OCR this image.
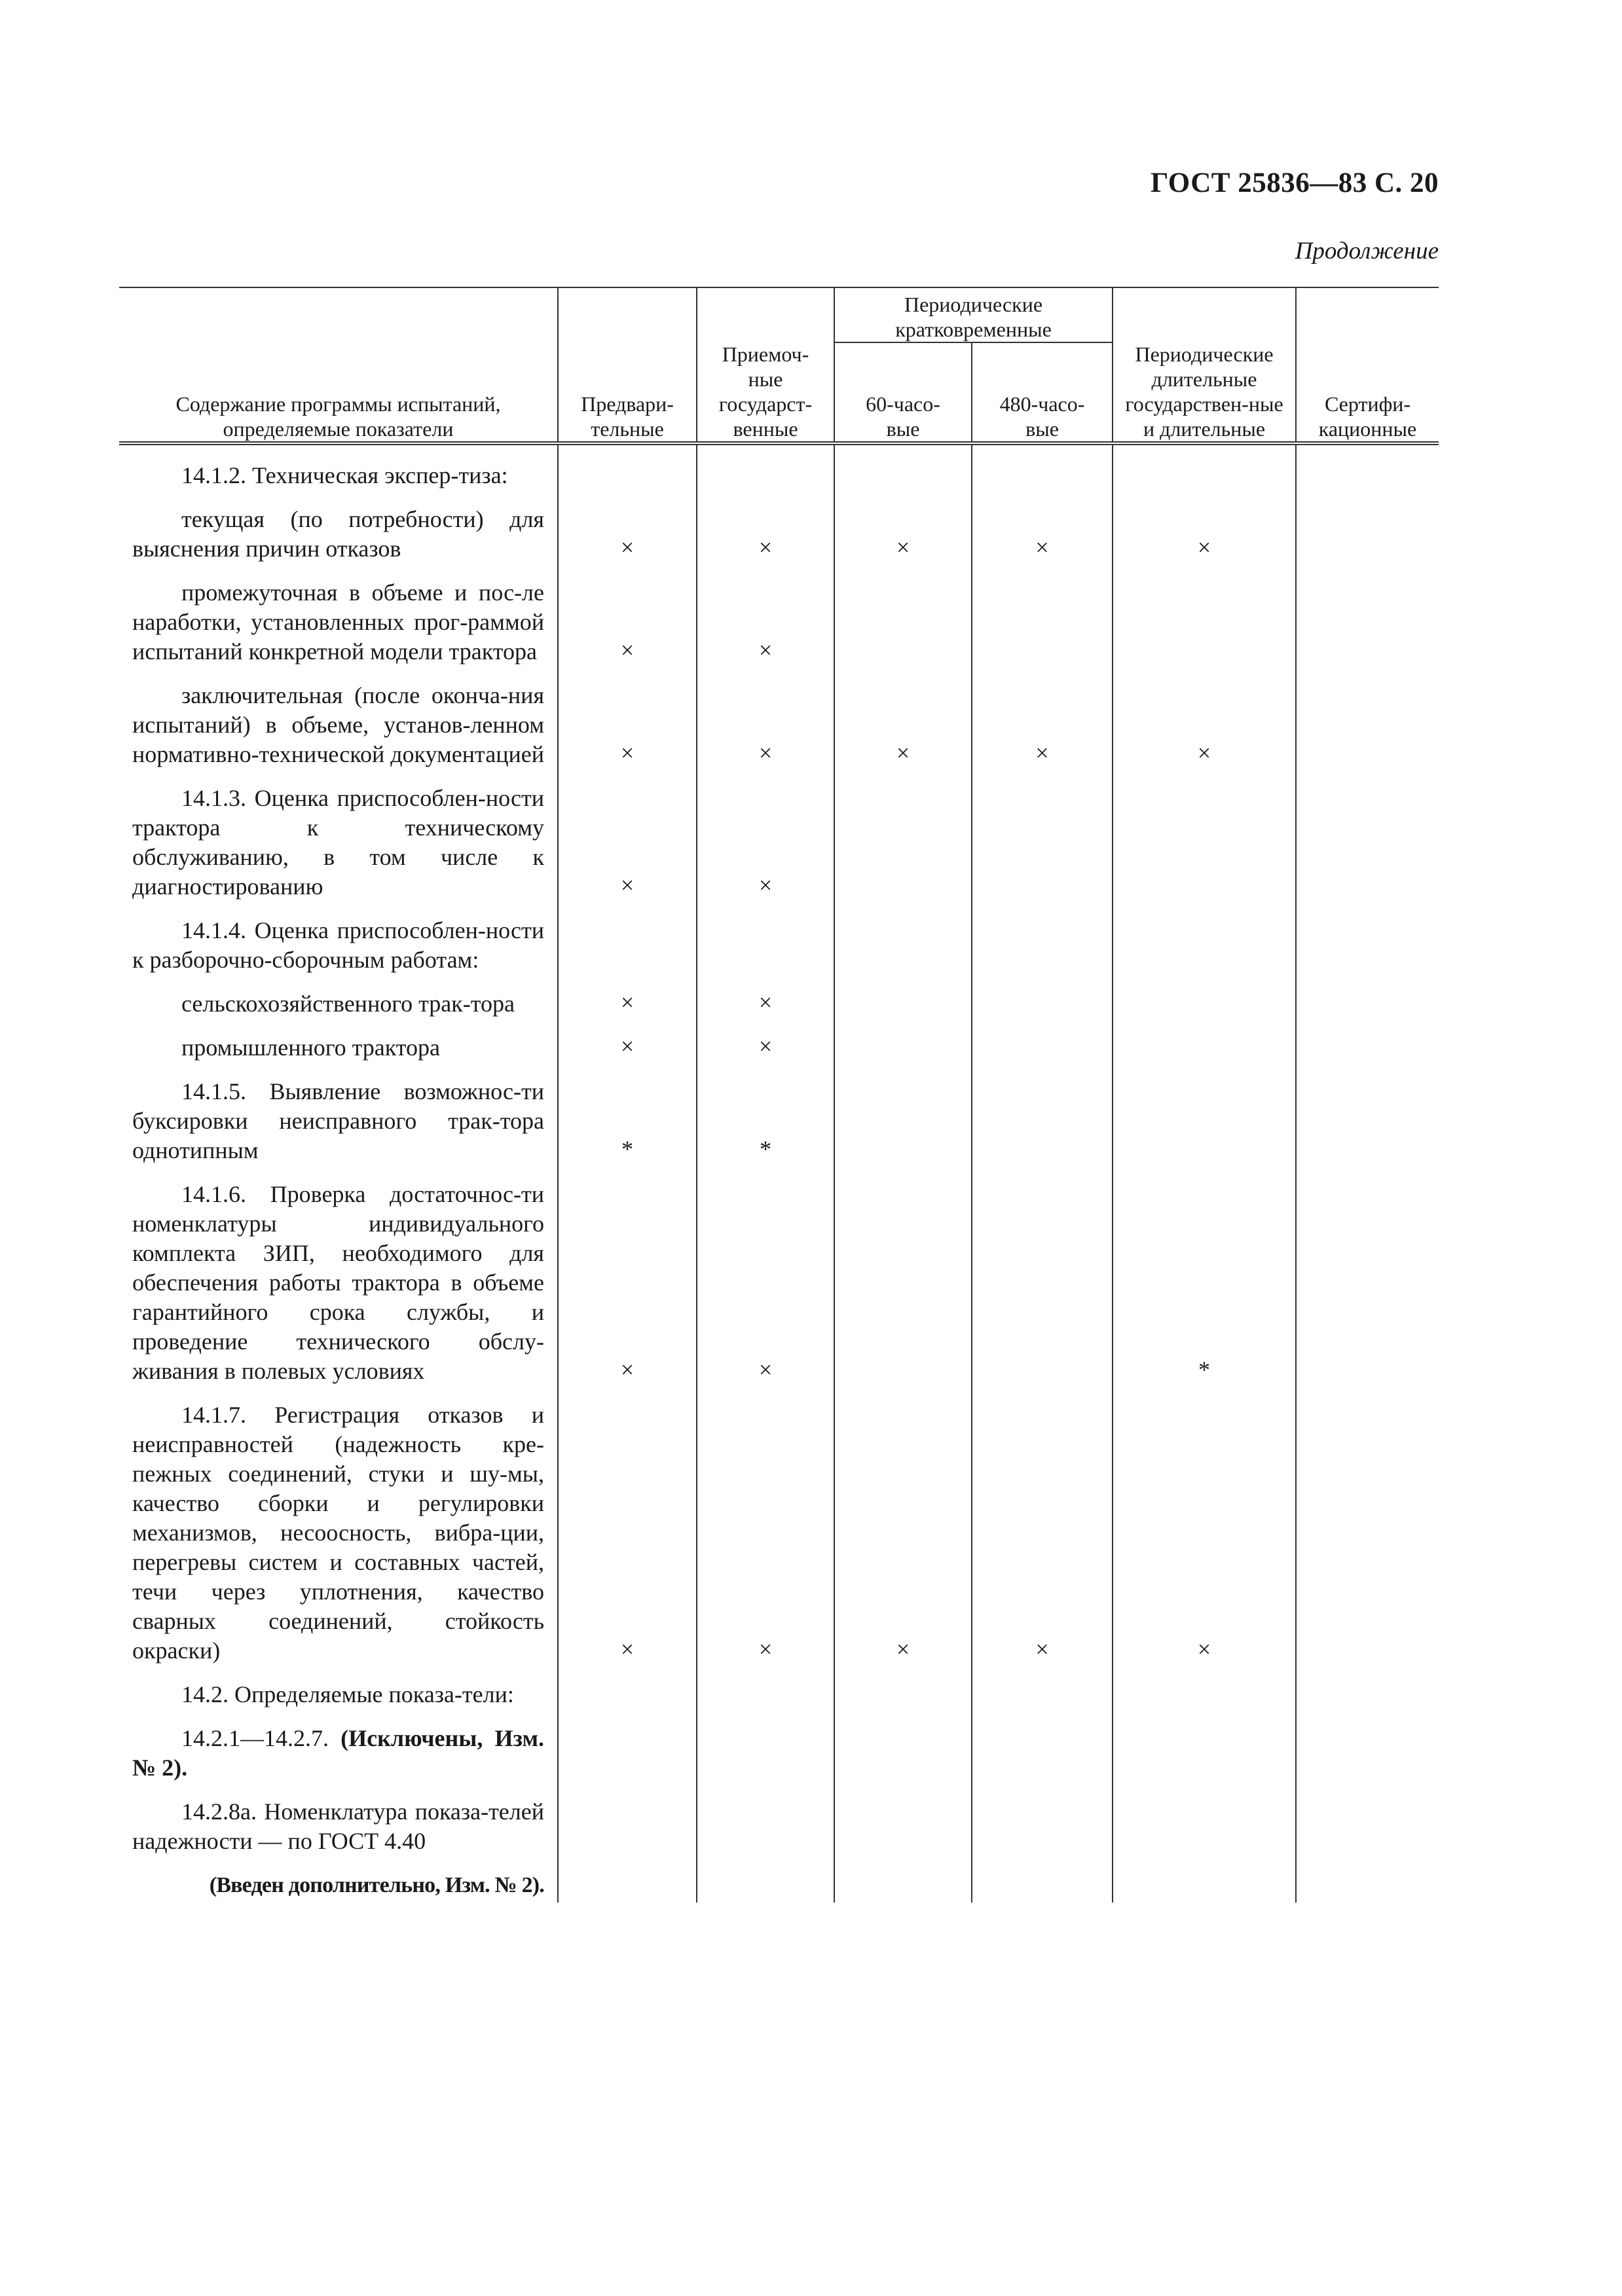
ГОСТ 25836—83 С. 20
Продолжение
Содержание программы испытаний, определяемые показатели	Предвари-тельные	Приемоч-ные государст-венные	Периодические кратковременные		Периодические длительные государствен-ные и длительные	Сертифи-кационные
			60-часо-вые	480-часо-вые		

14.1.2. Техническая экспер-тиза:						

текущая (по потребности) для выяснения причин отказов	×	×	×	×	×	

промежуточная в объеме и пос-ле наработки, установленных прог-раммой испытаний конкретной модели трактора	×	×				

заключительная (после оконча-ния испытаний) в объеме, установ-ленном нормативно-технической документацией	×	×	×	×	×	

14.1.3. Оценка приспособлен-ности трактора к техническому обслуживанию, в том числе к диагностированию	×	×				

14.1.4. Оценка приспособлен-ности к разборочно-сборочным работам:						

сельскохозяйственного трак-тора	×	×				

промышленного трактора	×	×				

14.1.5. Выявление возможнос-ти буксировки неисправного трак-тора однотипным	*	*				

14.1.6. Проверка достаточнос-ти номенклатуры индивидуального комплекта ЗИП, необходимого для обеспечения работы трактора в объеме гарантийного срока службы, и проведение технического обслу-живания в полевых условиях	×	×			*	

14.1.7. Регистрация отказов и неисправностей (надежность кре-пежных соединений, стуки и шу-мы, качество сборки и регулировки механизмов, несоосность, вибра-ции, перегревы систем и составных частей, течи через уплотнения, качество сварных соединений, стойкость окраски)	×	×	×	×	×	

14.2. Определяемые показа-тели:						

14.2.1—14.2.7. (Исключены, Изм. № 2).						

14.2.8а. Номенклатура показа-телей надежности — по ГОСТ 4.40						

(Введен дополнительно, Изм. № 2).						
